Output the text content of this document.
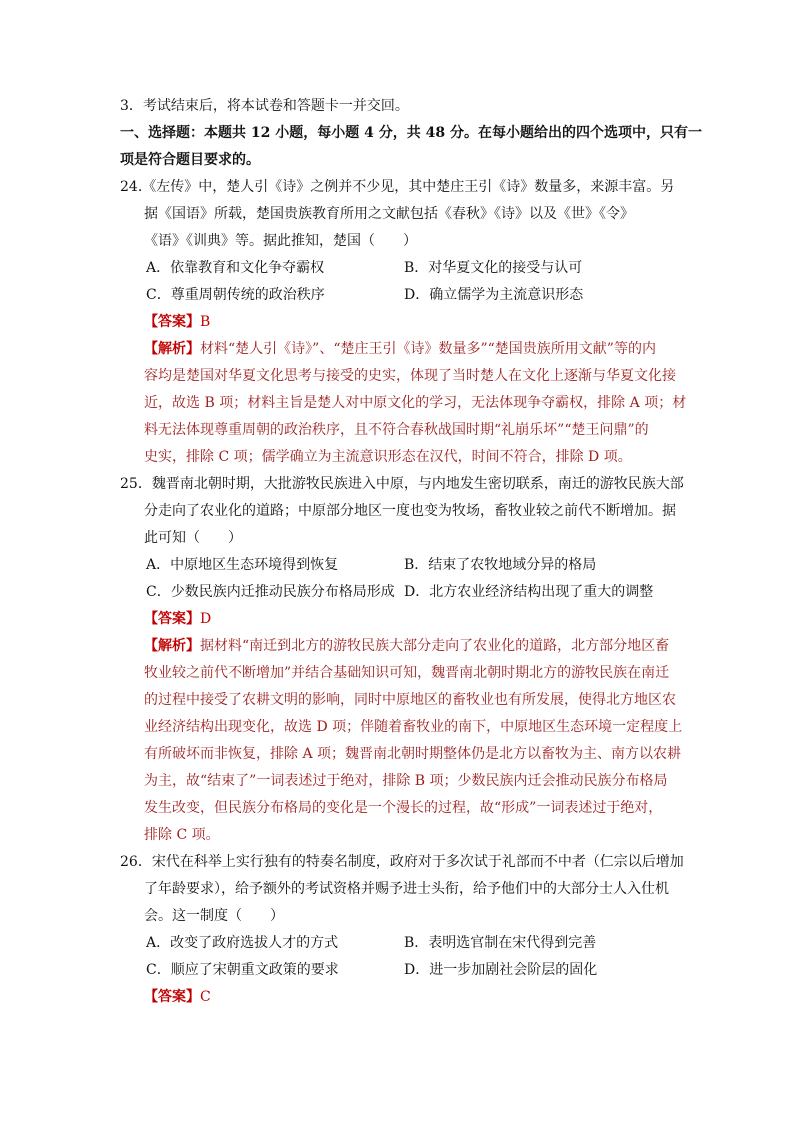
3．考试结束后，将本试卷和答题卡一并交回。
一、选择题：本题共 12 小题，每小题 4 分，共 48 分。在每小题给出的四个选项中，只有一
项是符合题目要求的。
24.《左传》中，楚人引《诗》之例并不少见，其中楚庄王引《诗》数量多，来源丰富。另
据《国语》所载，楚国贵族教育所用之文献包括《春秋》《诗》以及《世》《令》
《语》《训典》等。据此推知，楚国（　　）
A．依靠教育和文化争夺霸权	B．对华夏文化的接受与认可
C．尊重周朝传统的政治秩序	D．确立儒学为主流意识形态
【答案】B
【解析】材料“楚人引《诗》”、“楚庄王引《诗》数量多”“楚国贵族所用文献”等的内
容均是楚国对华夏文化思考与接受的史实，体现了当时楚人在文化上逐渐与华夏文化接
近，故选 B 项；材料主旨是楚人对中原文化的学习，无法体现争夺霸权，排除 A 项；材
料无法体现尊重周朝的政治秩序，且不符合春秋战国时期“礼崩乐坏”“楚王问鼎”的
史实，排除 C 项；儒学确立为主流意识形态在汉代，时间不符合，排除 D 项。
25．魏晋南北朝时期，大批游牧民族进入中原，与内地发生密切联系，南迁的游牧民族大部
分走向了农业化的道路；中原部分地区一度也变为牧场，畜牧业较之前代不断增加。据
此可知（　　）
A．中原地区生态环境得到恢复	B．结束了农牧地域分异的格局
C．少数民族内迁推动民族分布格局形成 D．北方农业经济结构出现了重大的调整
【答案】D
【解析】据材料“南迁到北方的游牧民族大部分走向了农业化的道路，北方部分地区畜
牧业较之前代不断增加”并结合基础知识可知，魏晋南北朝时期北方的游牧民族在南迁
的过程中接受了农耕文明的影响，同时中原地区的畜牧业也有所发展，使得北方地区农
业经济结构出现变化，故选 D 项；伴随着畜牧业的南下，中原地区生态环境一定程度上
有所破坏而非恢复，排除 A 项；魏晋南北朝时期整体仍是北方以畜牧为主、南方以农耕
为主，故“结束了”一词表述过于绝对，排除 B 项；少数民族内迁会推动民族分布格局
发生改变，但民族分布格局的变化是一个漫长的过程，故“形成”一词表述过于绝对，
排除 C 项。
26．宋代在科举上实行独有的特奏名制度，政府对于多次试于礼部而不中者（仁宗以后增加
了年龄要求），给予额外的考试资格并赐予进士头衔，给予他们中的大部分士人入仕机
会。这一制度（　　）
A．改变了政府选拔人才的方式	B．表明选官制在宋代得到完善
C．顺应了宋朝重文政策的要求	D．进一步加剧社会阶层的固化
【答案】C
